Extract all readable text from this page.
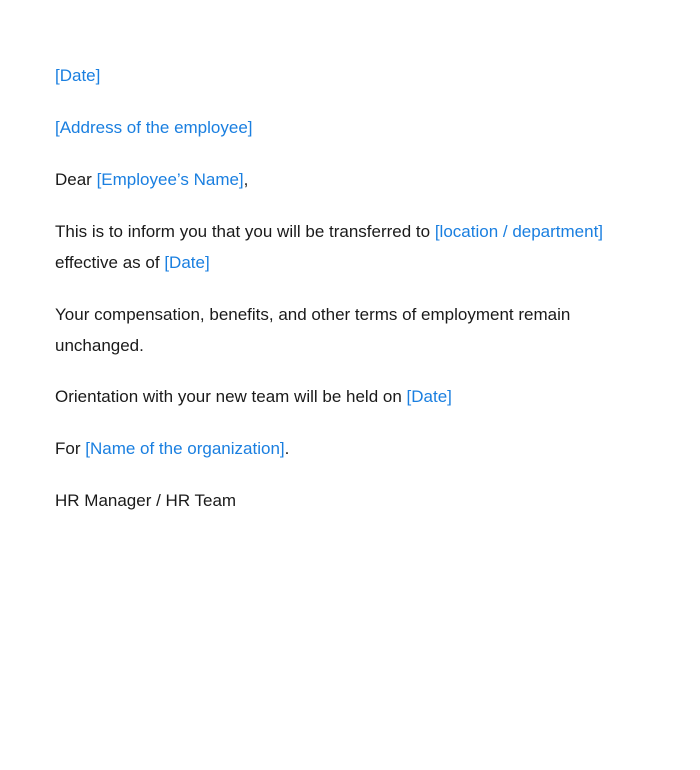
[Date]

[Address of the employee]

Dear [Employee’s Name],

This is to inform you that you will be transferred to [location / department]
effective as of [Date]

Your compensation, benefits, and other terms of employment remain
unchanged.

Orientation with your new team will be held on [Date]

For [Name of the organization].

HR Manager / HR Team
